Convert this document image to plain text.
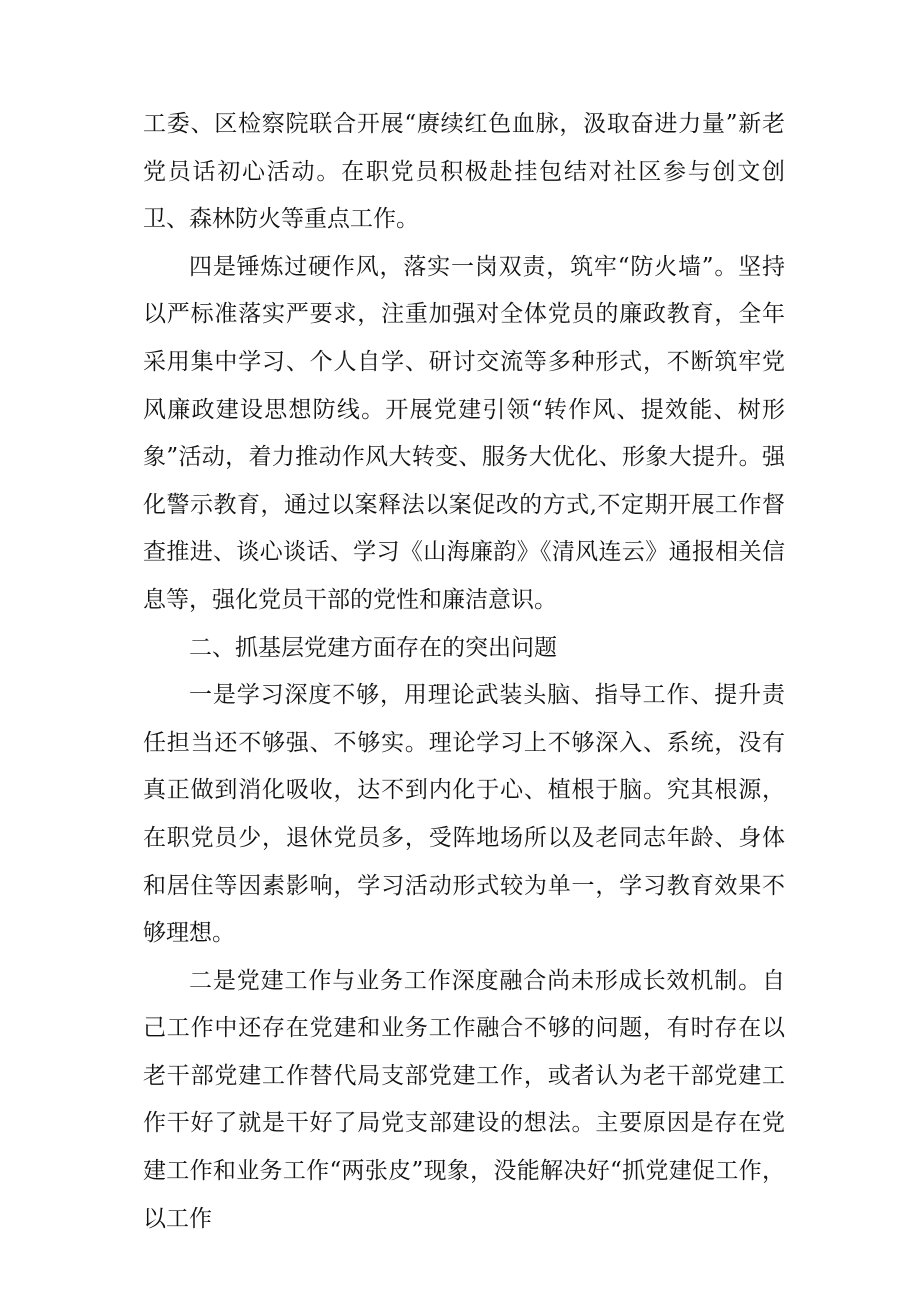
工委、区检察院联合开展“赓续红色血脉，汲取奋进力量”新老党员话初心活动。在职党员积极赴挂包结对社区参与创文创卫、森林防火等重点工作。

四是锤炼过硬作风，落实一岗双责，筑牢“防火墙”。坚持以严标准落实严要求，注重加强对全体党员的廉政教育，全年采用集中学习、个人自学、研讨交流等多种形式，不断筑牢党风廉政建设思想防线。开展党建引领“转作风、提效能、树形象”活动，着力推动作风大转变、服务大优化、形象大提升。强化警示教育，通过以案释法以案促改的方式,不定期开展工作督查推进、谈心谈话、学习《山海廉韵》《清风连云》通报相关信息等，强化党员干部的党性和廉洁意识。

二、抓基层党建方面存在的突出问题

一是学习深度不够，用理论武装头脑、指导工作、提升责任担当还不够强、不够实。理论学习上不够深入、系统，没有真正做到消化吸收，达不到内化于心、植根于脑。究其根源，在职党员少，退休党员多，受阵地场所以及老同志年龄、身体和居住等因素影响，学习活动形式较为单一，学习教育效果不够理想。

二是党建工作与业务工作深度融合尚未形成长效机制。自己工作中还存在党建和业务工作融合不够的问题，有时存在以老干部党建工作替代局支部党建工作，或者认为老干部党建工作干好了就是干好了局党支部建设的想法。主要原因是存在党建工作和业务工作“两张皮”现象，没能解决好“抓党建促工作，以工作
